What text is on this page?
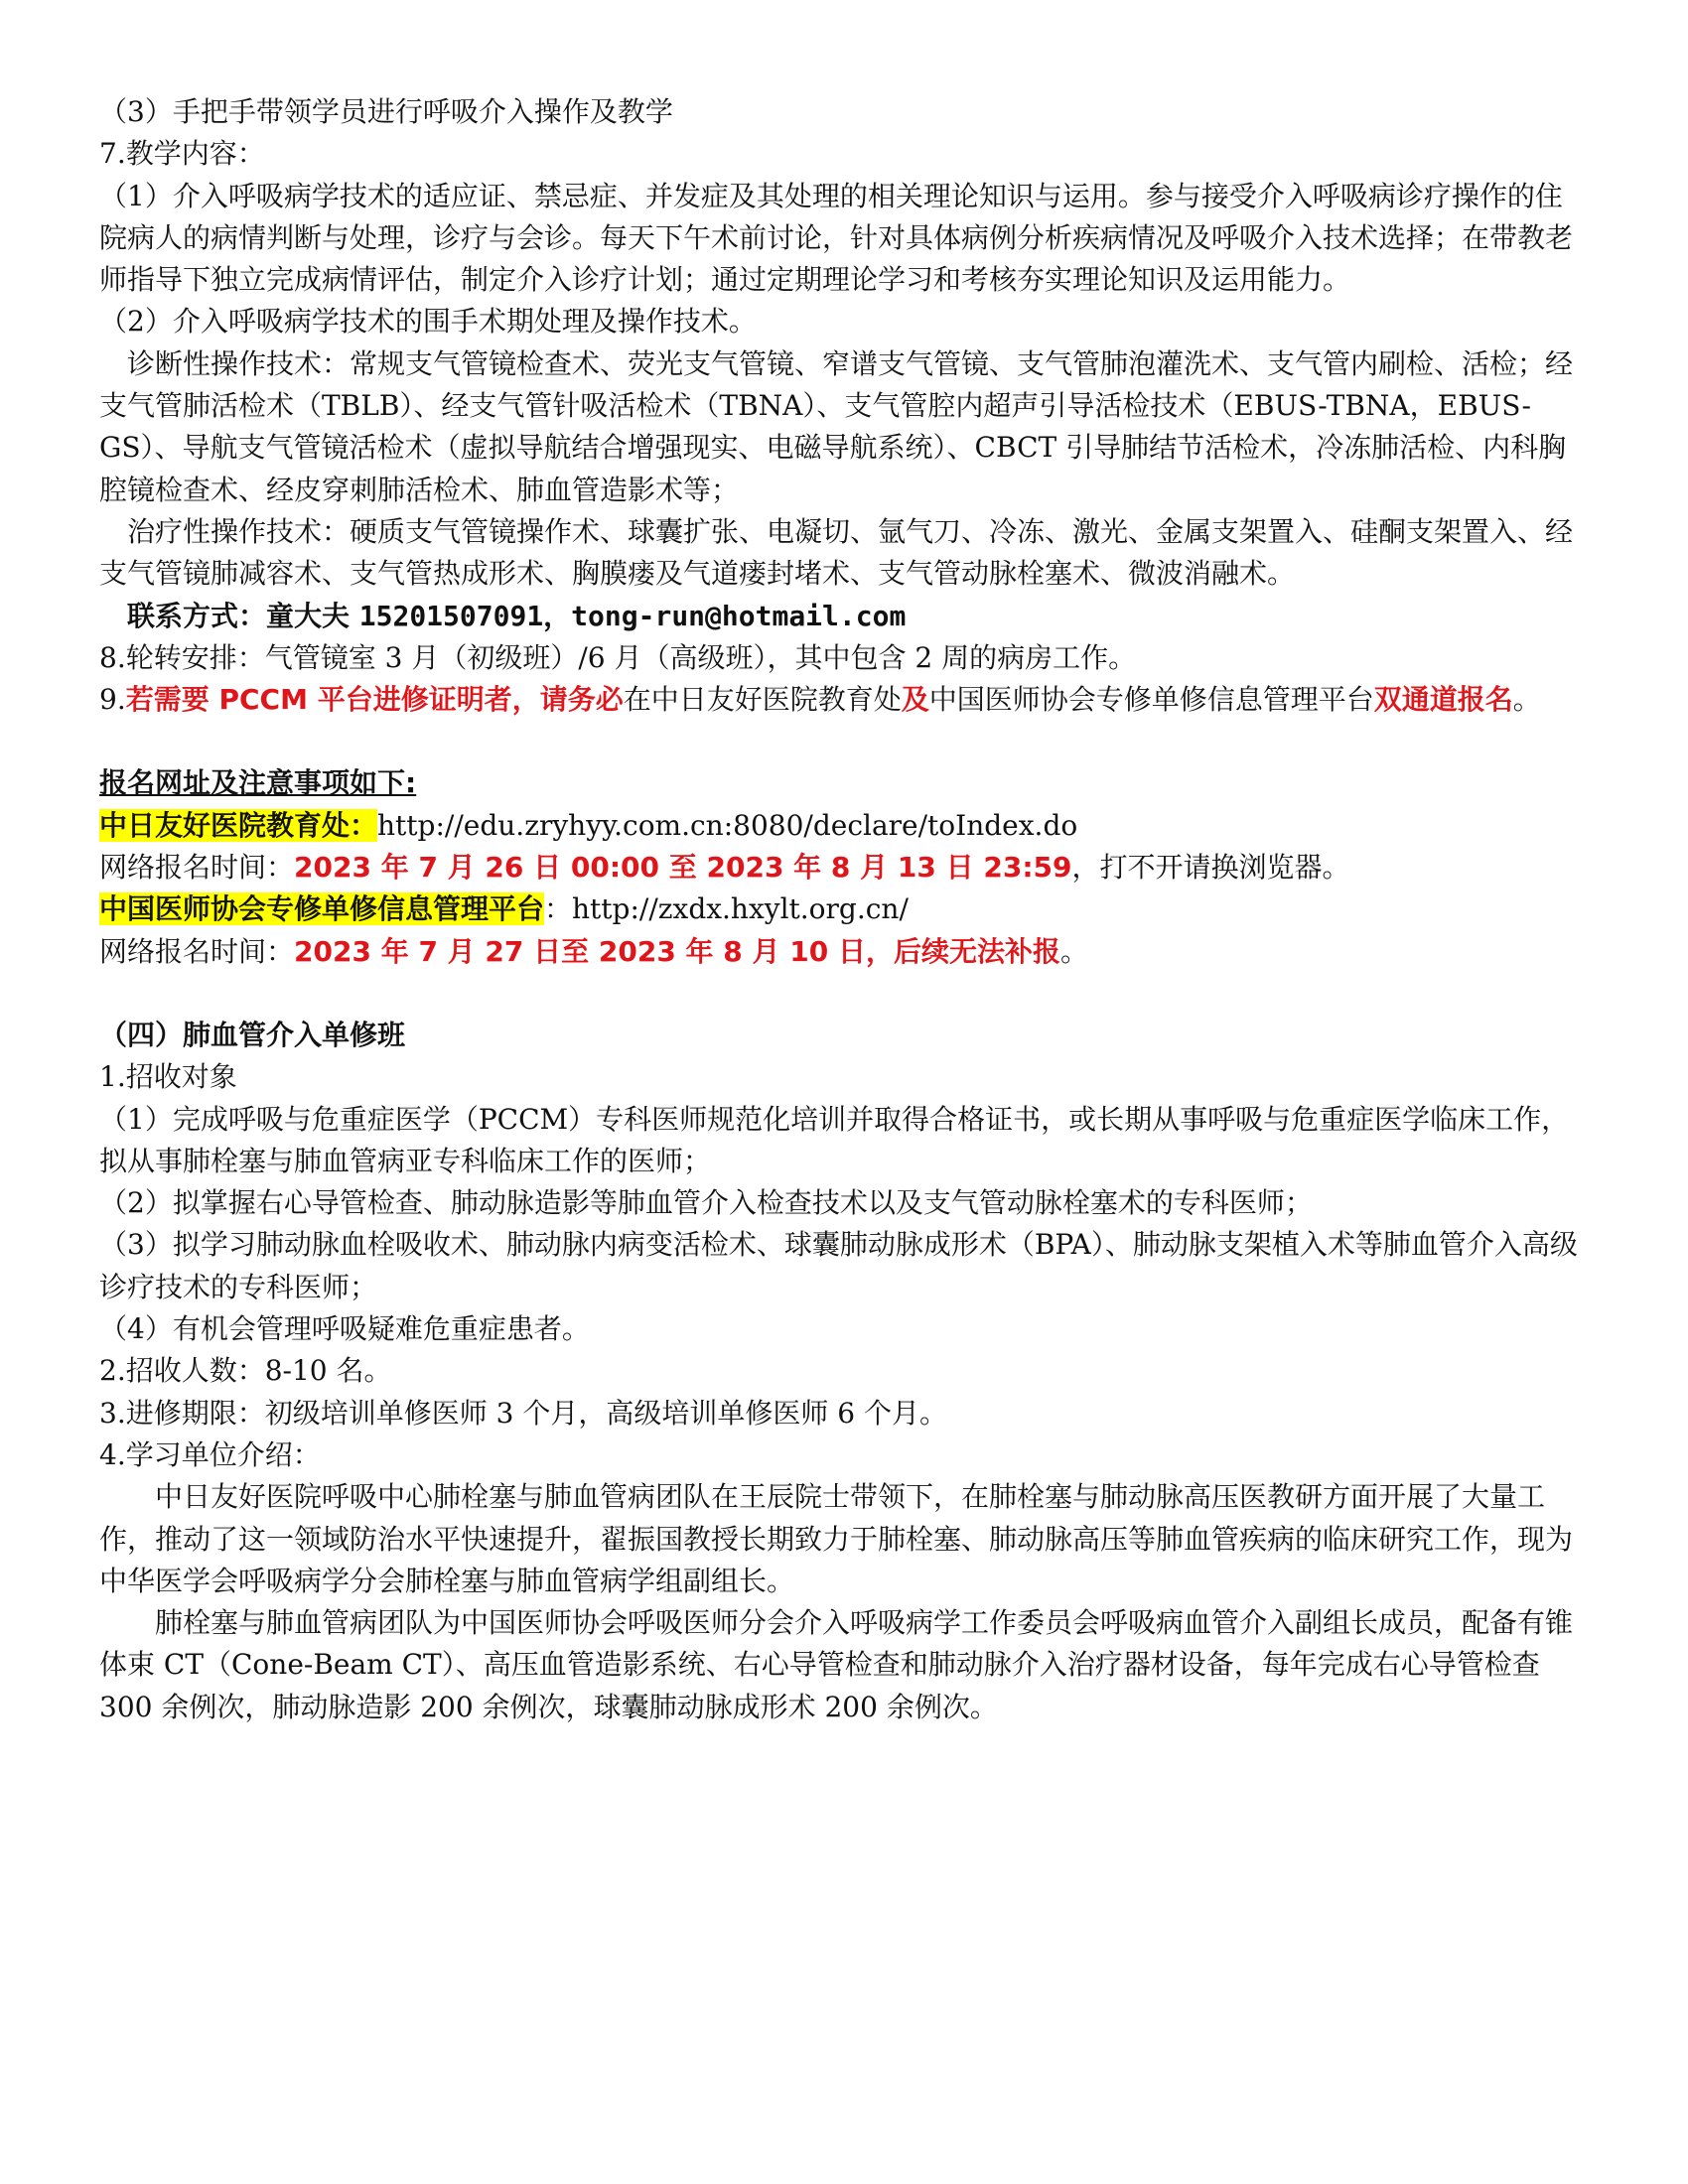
（3）手把手带领学员进行呼吸介入操作及教学

7.教学内容：

（1）介入呼吸病学技术的适应证、禁忌症、并发症及其处理的相关理论知识与运用。参与接受介入呼吸病诊疗操作的住院病人的病情判断与处理，诊疗与会诊。每天下午术前讨论，针对具体病例分析疾病情况及呼吸介入技术选择；在带教老师指导下独立完成病情评估，制定介入诊疗计划；通过定期理论学习和考核夯实理论知识及运用能力。

（2）介入呼吸病学技术的围手术期处理及操作技术。

诊断性操作技术：常规支气管镜检查术、荧光支气管镜、窄谱支气管镜、支气管肺泡灌洗术、支气管内刷检、活检；经支气管肺活检术（TBLB）、经支气管针吸活检术（TBNA）、支气管腔内超声引导活检技术（EBUS-TBNA，EBUS-GS）、导航支气管镜活检术（虚拟导航结合增强现实、电磁导航系统）、CBCT 引导肺结节活检术，冷冻肺活检、内科胸腔镜检查术、经皮穿刺肺活检术、肺血管造影术等；

治疗性操作技术：硬质支气管镜操作术、球囊扩张、电凝切、氩气刀、冷冻、激光、金属支架置入、硅酮支架置入、经支气管镜肺减容术、支气管热成形术、胸膜瘘及气道瘘封堵术、支气管动脉栓塞术、微波消融术。

联系方式：童大夫 15201507091，tong-run@hotmail.com

8.轮转安排：气管镜室 3 月（初级班）/6 月（高级班），其中包含 2 周的病房工作。

9.若需要 PCCM 平台进修证明者，请务必在中日友好医院教育处及中国医师协会专修单修信息管理平台双通道报名。

报名网址及注意事项如下:

中日友好医院教育处：http://edu.zryhyy.com.cn:8080/declare/toIndex.do

网络报名时间：2023 年 7 月 26 日 00:00 至 2023 年 8 月 13 日 23:59，打不开请换浏览器。

中国医师协会专修单修信息管理平台：http://zxdx.hxylt.org.cn/

网络报名时间：2023 年 7 月 27 日至 2023 年 8 月 10 日，后续无法补报。

（四）肺血管介入单修班

1.招收对象

（1）完成呼吸与危重症医学（PCCM）专科医师规范化培训并取得合格证书，或长期从事呼吸与危重症医学临床工作，拟从事肺栓塞与肺血管病亚专科临床工作的医师；

（2）拟掌握右心导管检查、肺动脉造影等肺血管介入检查技术以及支气管动脉栓塞术的专科医师；

（3）拟学习肺动脉血栓吸收术、肺动脉内病变活检术、球囊肺动脉成形术（BPA）、肺动脉支架植入术等肺血管介入高级诊疗技术的专科医师；

（4）有机会管理呼吸疑难危重症患者。

2.招收人数：8-10 名。

3.进修期限：初级培训单修医师 3 个月，高级培训单修医师 6 个月。

4.学习单位介绍：

中日友好医院呼吸中心肺栓塞与肺血管病团队在王辰院士带领下，在肺栓塞与肺动脉高压医教研方面开展了大量工作，推动了这一领域防治水平快速提升，翟振国教授长期致力于肺栓塞、肺动脉高压等肺血管疾病的临床研究工作，现为中华医学会呼吸病学分会肺栓塞与肺血管病学组副组长。

肺栓塞与肺血管病团队为中国医师协会呼吸医师分会介入呼吸病学工作委员会呼吸病血管介入副组长成员，配备有锥体束 CT（Cone-Beam CT）、高压血管造影系统、右心导管检查和肺动脉介入治疗器材设备，每年完成右心导管检查 300 余例次，肺动脉造影 200 余例次，球囊肺动脉成形术 200 余例次。
